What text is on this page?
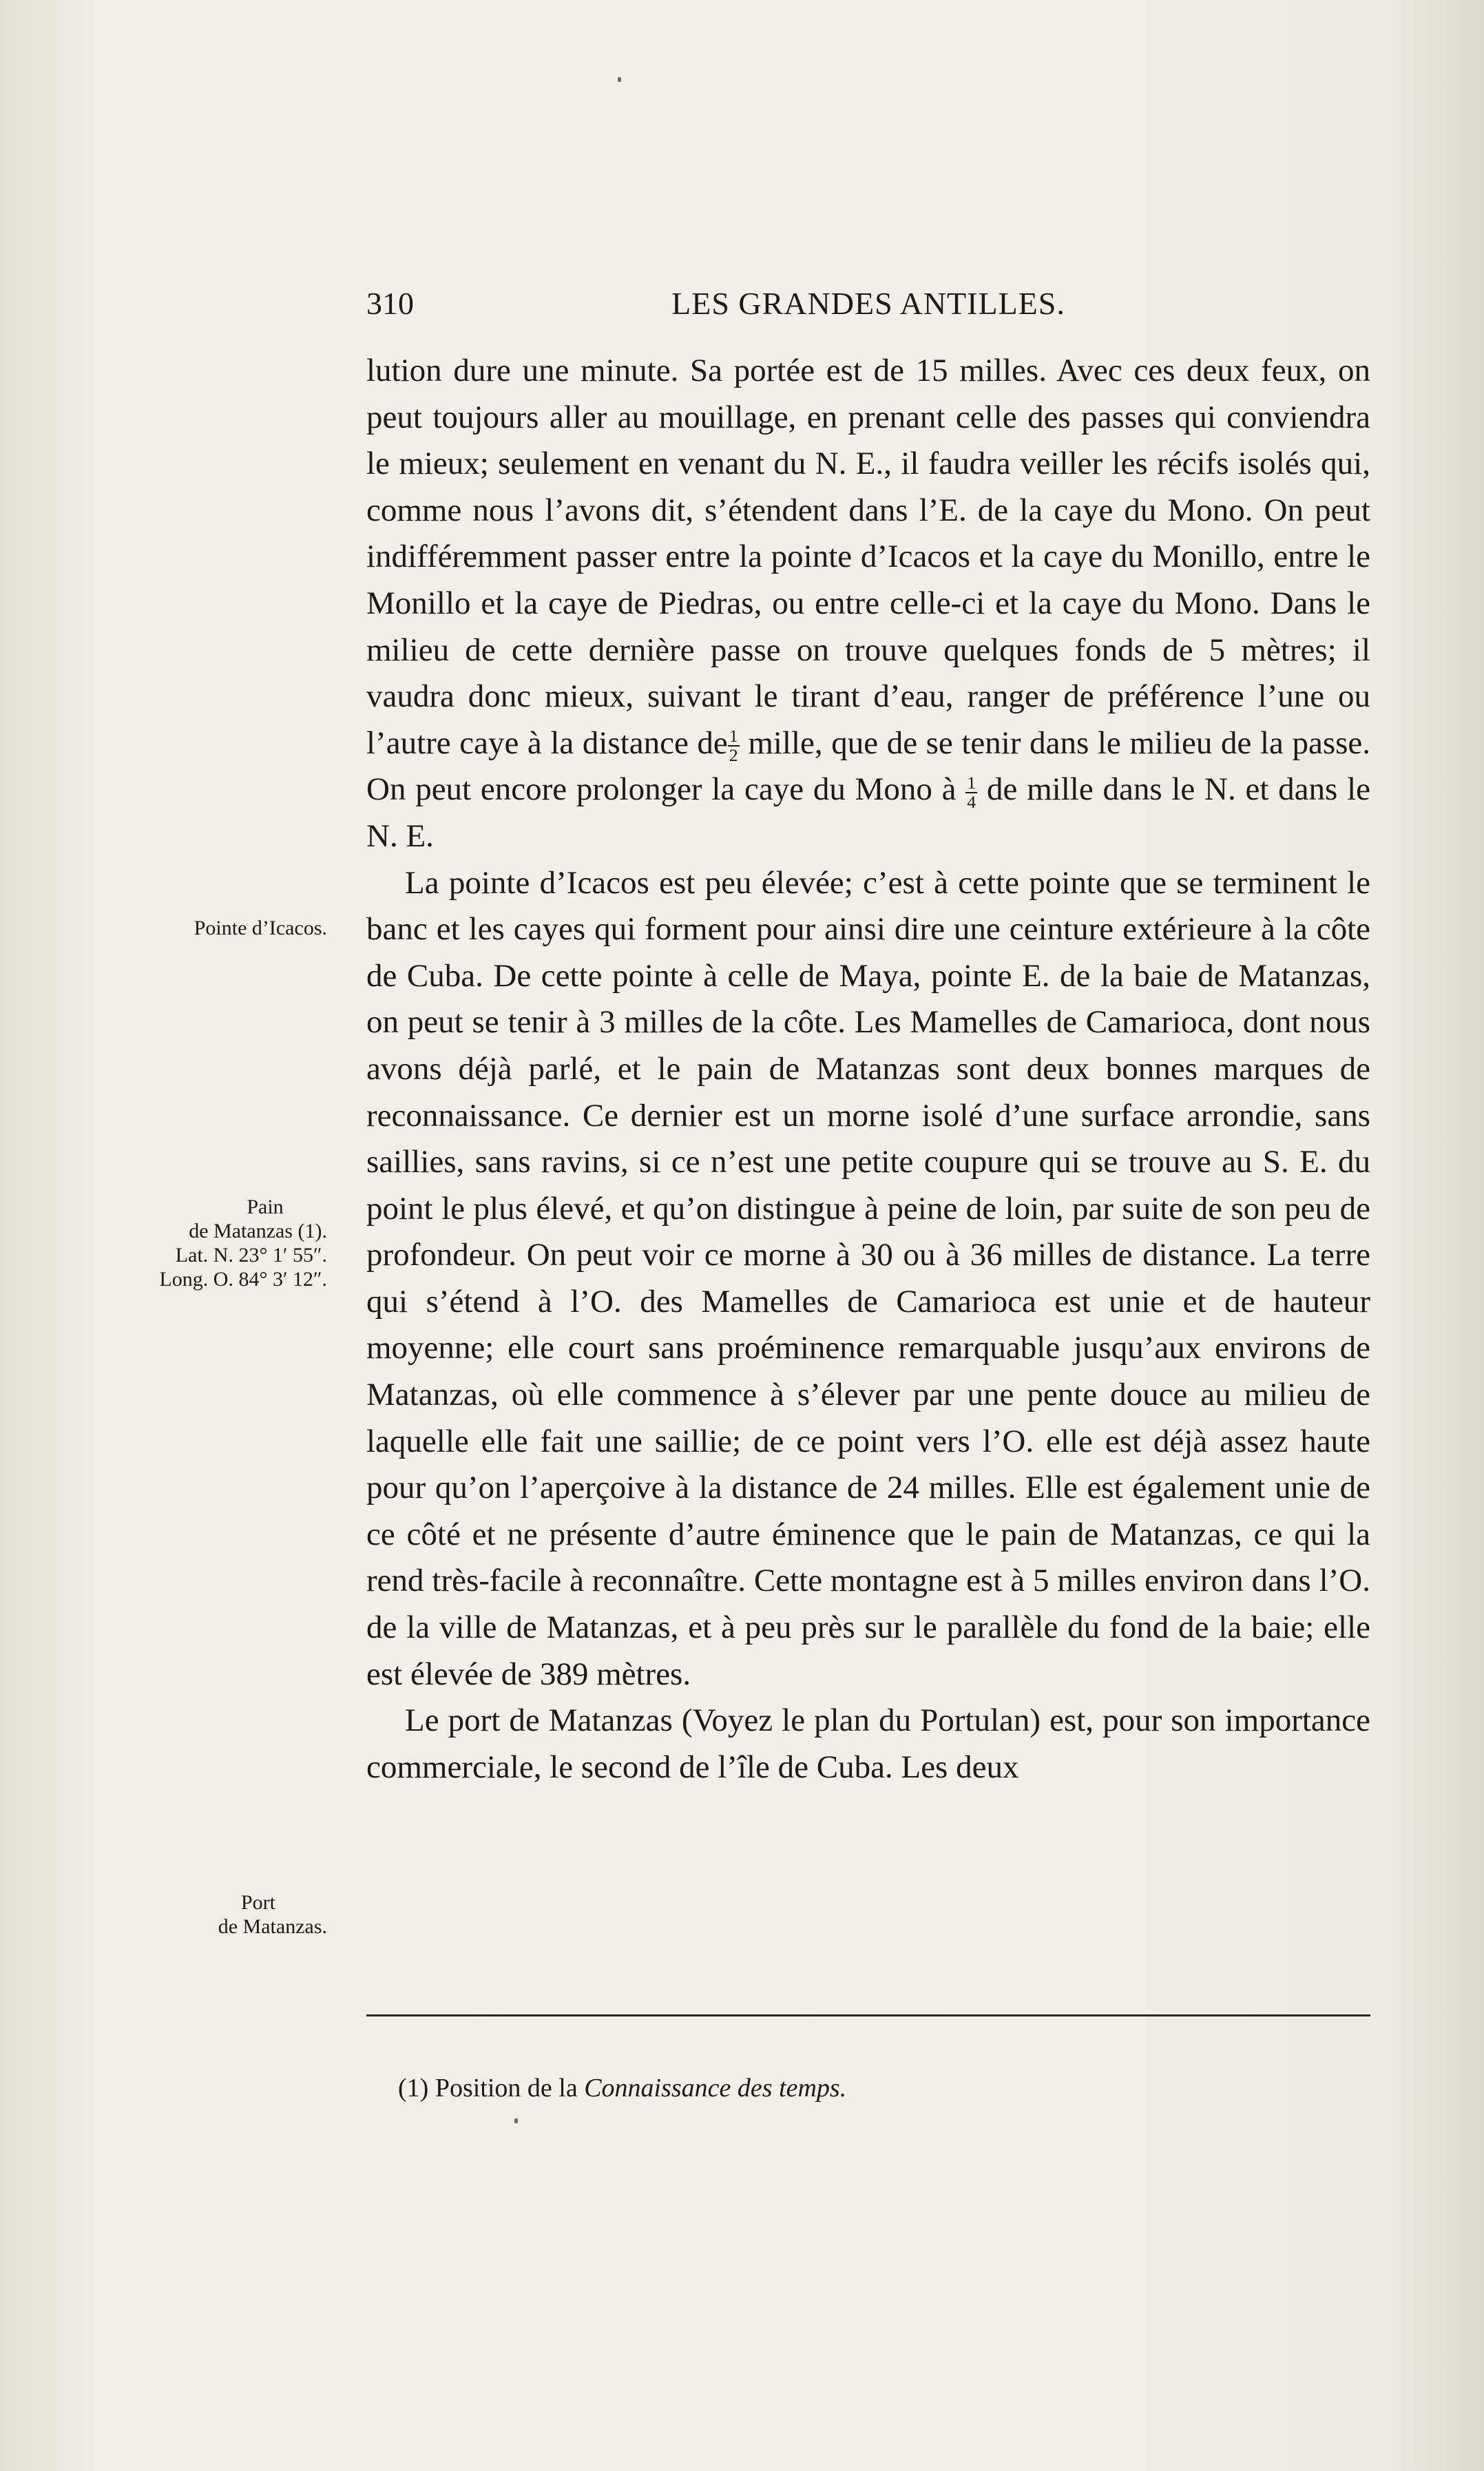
310	LES GRANDES ANTILLES.

lution dure une minute. Sa portée est de 15 milles. Avec ces deux feux, on peut toujours aller au mouillage, en prenant celle des passes qui conviendra le mieux; seulement en venant du N. E., il faudra veiller les récifs isolés qui, comme nous l’avons dit, s’étendent dans l’E. de la caye du Mono. On peut indifféremment passer entre la pointe d’Icacos et la caye du Monillo, entre le Monillo et la caye de Piedras, ou entre celle-ci et la caye du Mono. Dans le milieu de cette dernière passe on trouve quelques fonds de 5 mètres; il vaudra donc mieux, suivant le tirant d’eau, ranger de préférence l’une ou l’autre caye à la distance de $\frac{1}{2}$ mille, que de se tenir dans le milieu de la passe. On peut encore prolonger la caye du Mono à $\frac{1}{4}$ de mille dans le N. et dans le N. E.

La pointe d’Icacos est peu élevée; c’est à cette pointe que se terminent le banc et les cayes qui forment pour ainsi dire une ceinture extérieure à la côte de Cuba. De cette pointe à celle de Maya, pointe E. de la baie de Matanzas, on peut se tenir à 3 milles de la côte. Les Mamelles de Camarioca, dont nous avons déjà parlé, et le pain de Matanzas sont deux bonnes marques de reconnaissance. Ce dernier est un morne isolé d’une surface arrondie, sans saillies, sans ravins, si ce n’est une petite coupure qui se trouve au S. E. du point le plus élevé, et qu’on distingue à peine de loin, par suite de son peu de profondeur. On peut voir ce morne à 30 ou à 36 milles de distance. La terre qui s’étend à l’O. des Mamelles de Camarioca est unie et de hauteur moyenne; elle court sans proéminence remarquable jusqu’aux environs de Matanzas, où elle commence à s’élever par une pente douce au milieu de laquelle elle fait une saillie; de ce point vers l’O. elle est déjà assez haute pour qu’on l’aperçoive à la distance de 24 milles. Elle est également unie de ce côté et ne présente d’autre éminence que le pain de Matanzas, ce qui la rend très-facile à reconnaître. Cette montagne est à 5 milles environ dans l’O. de la ville de Matanzas, et à peu près sur le parallèle du fond de la baie; elle est élevée de 389 mètres.

Le port de Matanzas (Voyez le plan du Portulan) est, pour son importance commerciale, le second de l’île de Cuba. Les deux

Pointe d’Icacos.
Pain
de Matanzas (1).
Lat. N. 23° 1′ 55″.
Long. O. 84° 3′ 12″.
Port
de Matanzas.
(1) Position de la Connaissance des temps.
